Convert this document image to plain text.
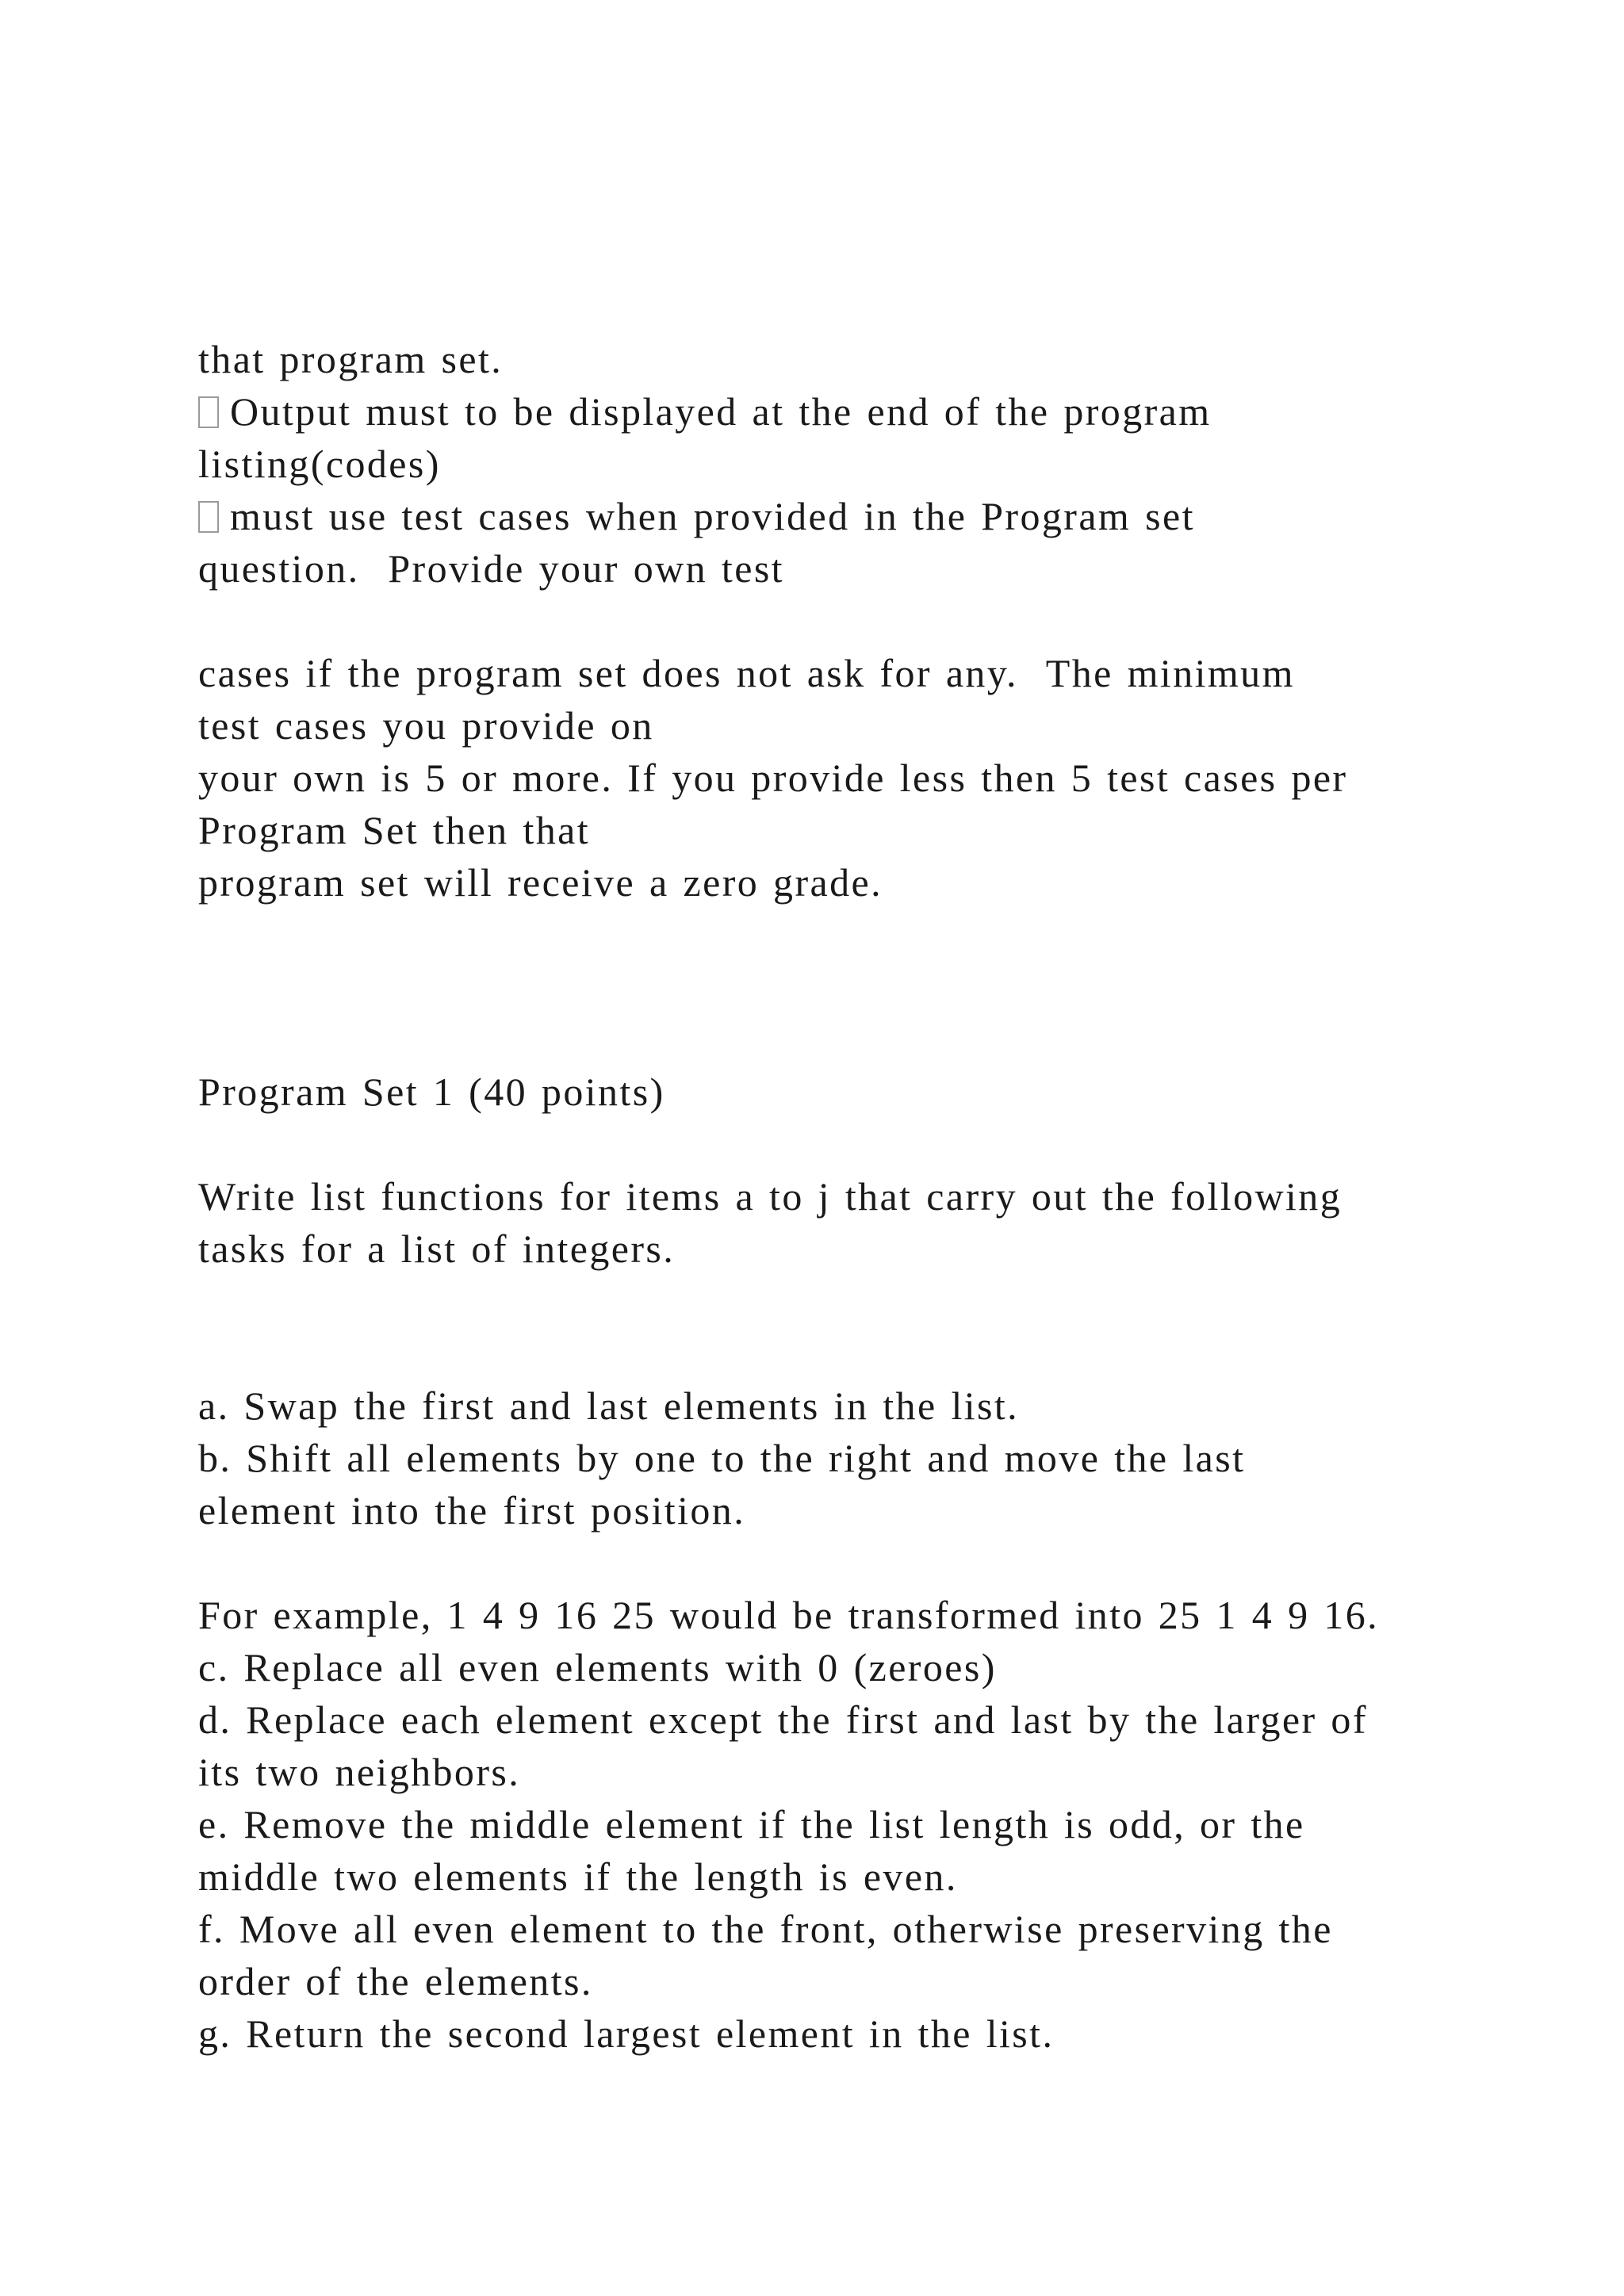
that program set.
Output must to be displayed at the end of the program
listing(codes)
must use test cases when provided in the Program set
question.  Provide your own test
cases if the program set does not ask for any.  The minimum
test cases you provide on
your own is 5 or more. If you provide less then 5 test cases per
Program Set then that
program set will receive a zero grade.
Program Set 1 (40 points)
Write list functions for items a to j that carry out the following
tasks for a list of integers.
a. Swap the first and last elements in the list.
b. Shift all elements by one to the right and move the last
element into the first position.
For example, 1 4 9 16 25 would be transformed into 25 1 4 9 16.
c. Replace all even elements with 0 (zeroes)
d. Replace each element except the first and last by the larger of
its two neighbors.
e. Remove the middle element if the list length is odd, or the
middle two elements if the length is even.
f. Move all even element to the front, otherwise preserving the
order of the elements.
g. Return the second largest element in the list.
